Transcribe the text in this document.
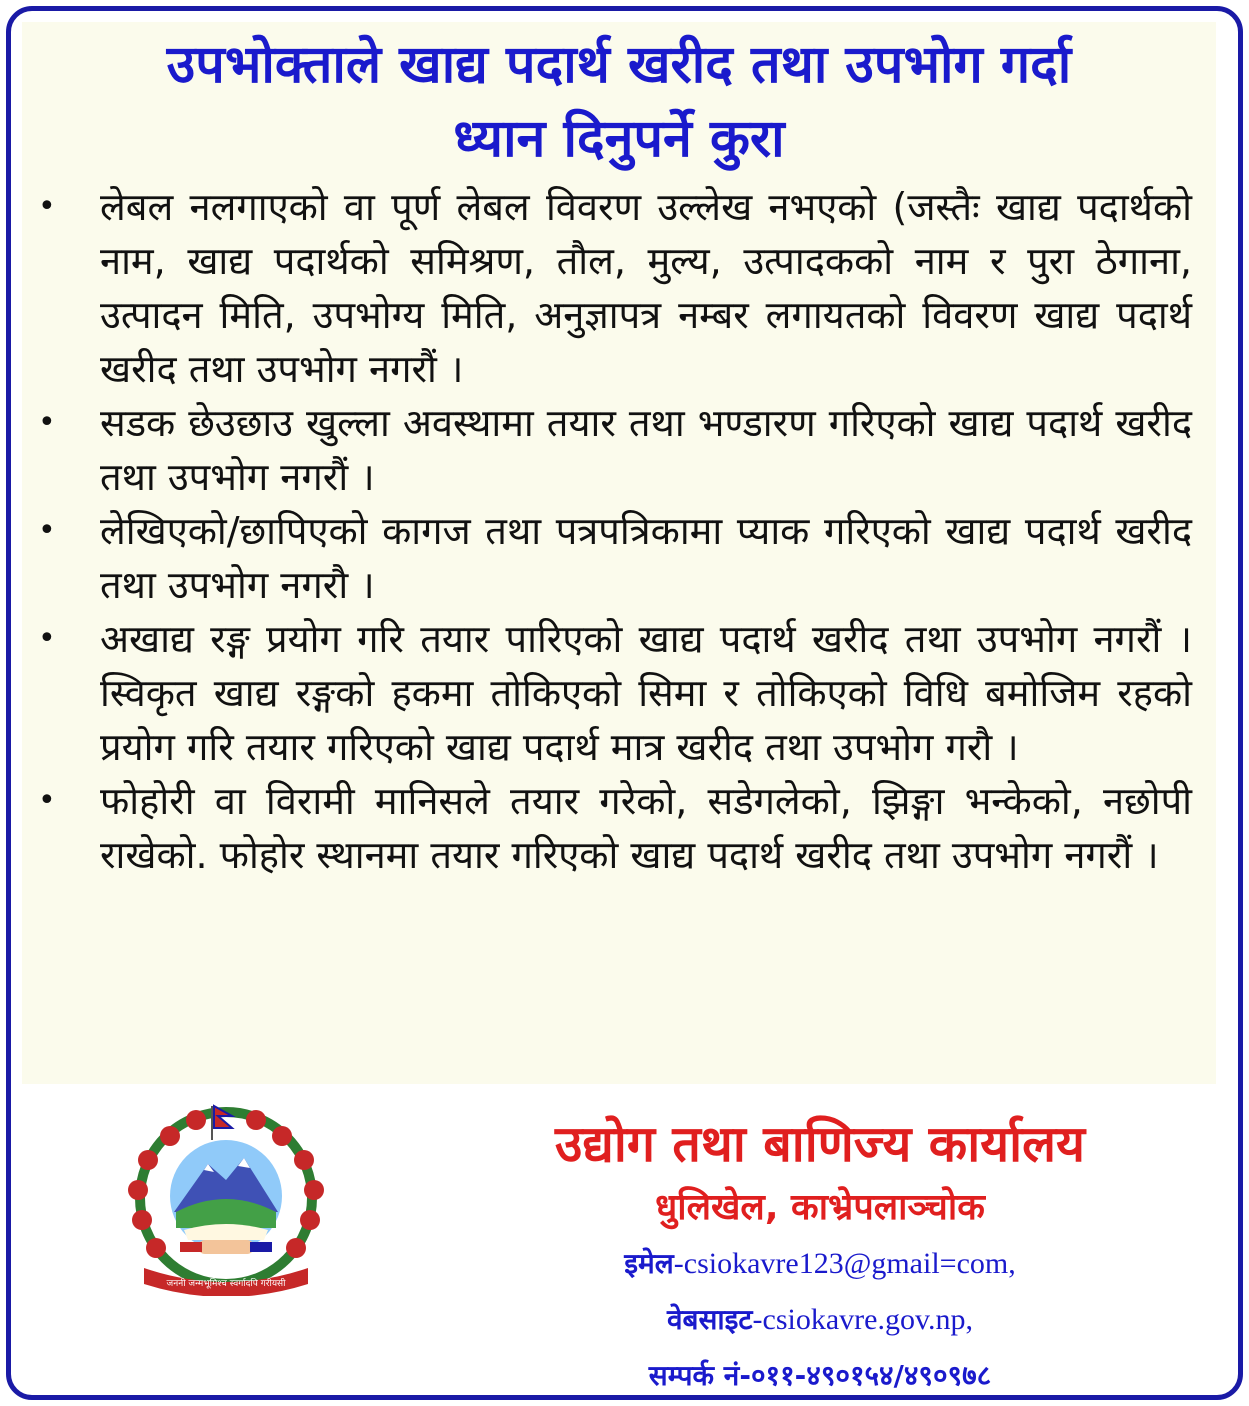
उपभोक्ताले खाद्य पदार्थ खरीद तथा उपभोग गर्दा
ध्यान दिनुपर्ने कुरा
• लेबल नलगाएको वा पूर्ण लेबल विवरण उल्लेख नभएको (जस्तैः खाद्य पदार्थको नाम, खाद्य पदार्थको समिश्रण, तौल, मुल्य, उत्पादकको नाम र पुरा ठेगाना, उत्पादन मिति, उपभोग्य मिति, अनुज्ञापत्र नम्बर लगायतको विवरण खाद्य पदार्थ खरीद तथा उपभोग नगरौं ।

• सडक छेउछाउ खुल्ला अवस्थामा तयार तथा भण्डारण गरिएको खाद्य पदार्थ खरीद तथा उपभोग नगरौं ।

• लेखिएको/छापिएको कागज तथा पत्रपत्रिकामा प्याक गरिएको खाद्य पदार्थ खरीद तथा उपभोग नगरौ ।

• अखाद्य रङ्ग प्रयोग गरि तयार पारिएको खाद्य पदार्थ खरीद तथा उपभोग नगरौं । स्विकृत खाद्य रङ्गको हकमा तोकिएको सिमा र तोकिएको विधि बमोजिम रहको प्रयोग गरि तयार गरिएको खाद्य पदार्थ मात्र खरीद तथा उपभोग गरौ ।

• फोहोरी वा विरामी मानिसले तयार गरेको, सडेगलेको, झिङ्गा भन्केको, नछोपी राखेको. फोहोर स्थानमा तयार गरिएको खाद्य पदार्थ खरीद तथा उपभोग नगरौं ।

जननी जन्मभूमिश्च स्वर्गादपि गरीयसी
उद्योग तथा बाणिज्य कार्यालय
धुलिखेल, काभ्रेपलाञ्चोक
इमेल-csiokavre123@gmail=com,
वेबसाइट-csiokavre.gov.np,
सम्पर्क नं-०११-४९०१५४/४९०९७८
